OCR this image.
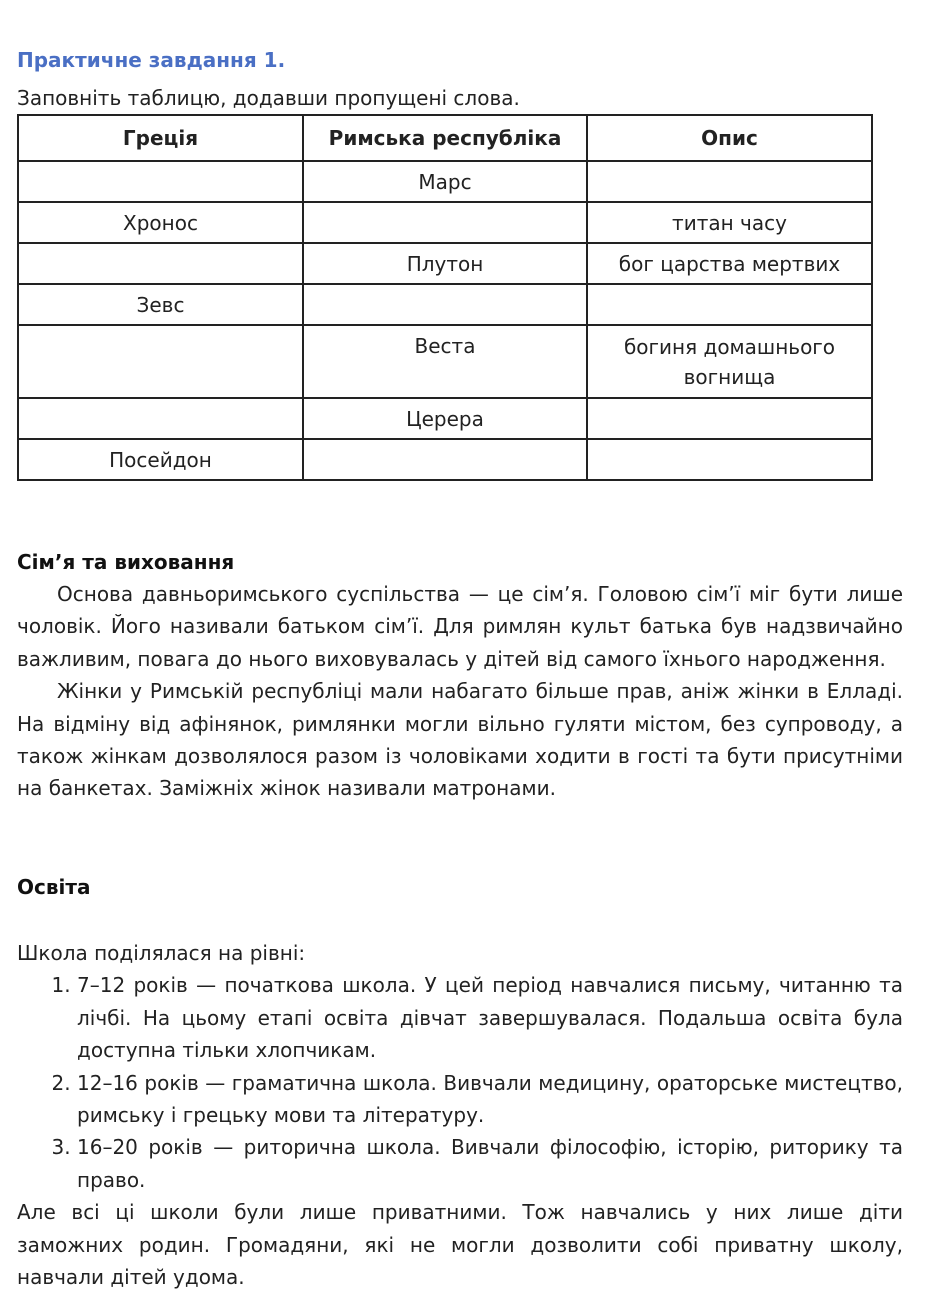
Практичне завдання 1.

Заповніть таблицю, додавши пропущені слова.

Греція	Римська республіка	Опис
	Марс	
Хронос		титан часу
	Плутон	бог царства мертвих
Зевс		
	Веста	богиня домашнього вогнища
	Церера	
Посейдон		
Сім’я та виховання

Основа давньоримського суспільства — це сім’я. Головою сім’ї міг бути лише чоловік. Його називали батьком сім’ї. Для римлян культ батька був надзвичайно важливим, повага до нього виховувалась у дітей від самого їхнього народження.

Жінки у Римській республіці мали набагато більше прав, аніж жінки в Елладі. На відміну від афінянок, римлянки могли вільно гуляти містом, без супроводу, а також жінкам дозволялося разом із чоловіками ходити в гості та бути присутніми на банкетах. Заміжніх жінок називали матронами.

Освіта

Школа поділялася на рівні:

1. 7–12 років — початкова школа. У цей період навчалися письму, читанню та лічбі. На цьому етапі освіта дівчат завершувалася. Подальша освіта була доступна тільки хлопчикам.
2. 12–16 років — граматична школа. Вивчали медицину, ораторське мистецтво, римську і грецьку мови та літературу.
3. 16–20 років — риторична школа. Вивчали філософію, історію, риторику та право.

Але всі ці школи були лише приватними. Тож навчались у них лише діти заможних родин. Громадяни, які не могли дозволити собі приватну школу, навчали дітей удома.
